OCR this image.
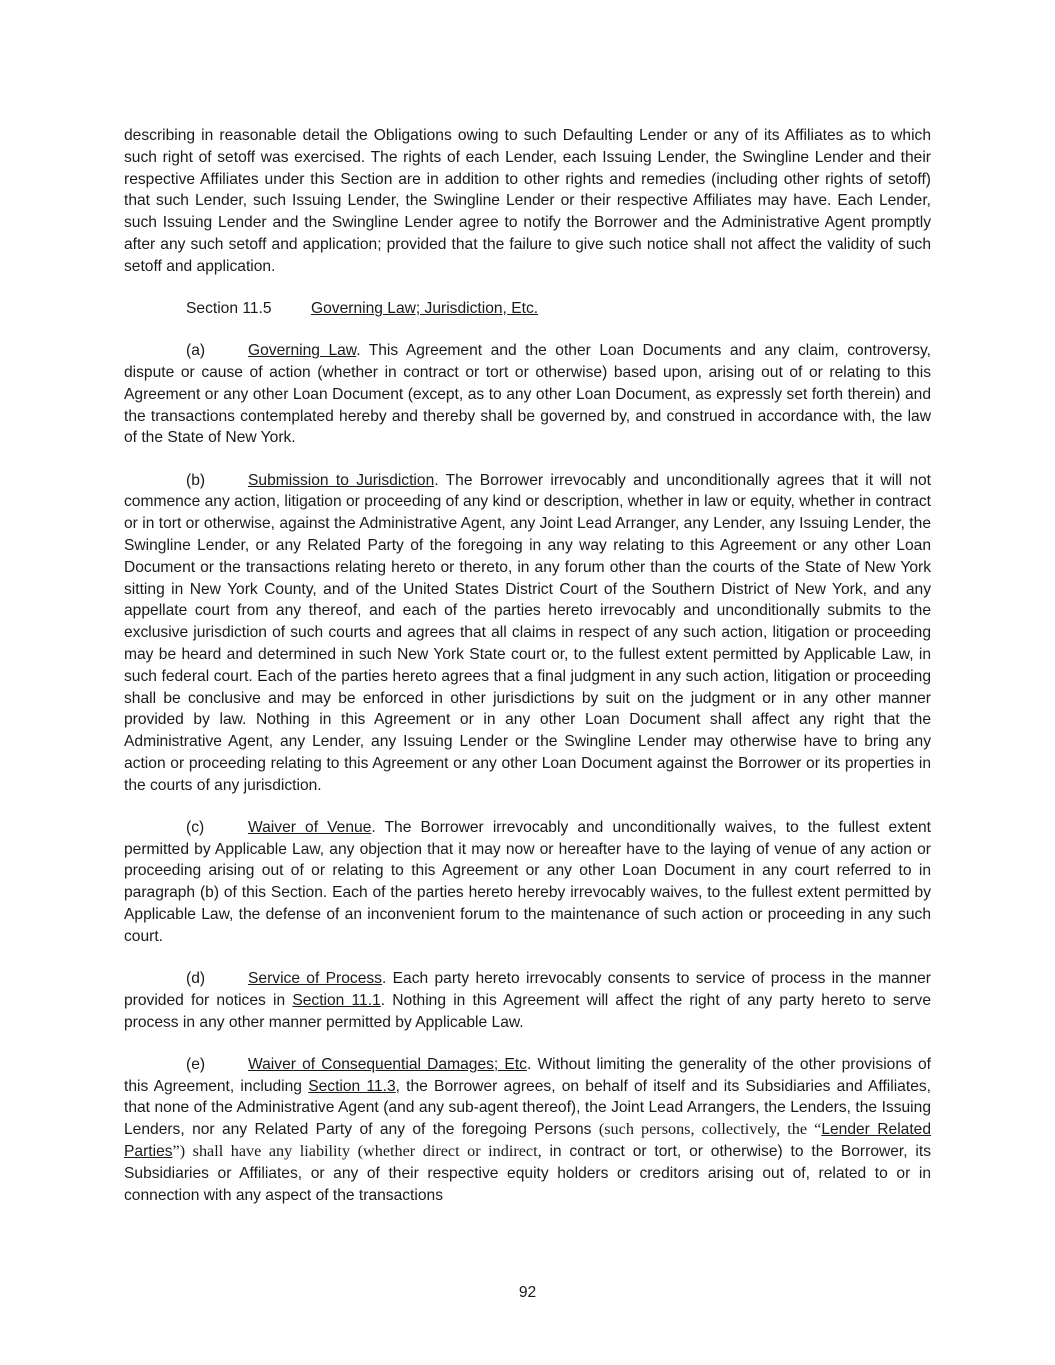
describing in reasonable detail the Obligations owing to such Defaulting Lender or any of its Affiliates as to which such right of setoff was exercised. The rights of each Lender, each Issuing Lender, the Swingline Lender and their respective Affiliates under this Section are in addition to other rights and remedies (including other rights of setoff) that such Lender, such Issuing Lender, the Swingline Lender or their respective Affiliates may have. Each Lender, such Issuing Lender and the Swingline Lender agree to notify the Borrower and the Administrative Agent promptly after any such setoff and application; provided that the failure to give such notice shall not affect the validity of such setoff and application.

Section 11.5	Governing Law; Jurisdiction, Etc.

(a)	Governing Law. This Agreement and the other Loan Documents and any claim, controversy, dispute or cause of action (whether in contract or tort or otherwise) based upon, arising out of or relating to this Agreement or any other Loan Document (except, as to any other Loan Document, as expressly set forth therein) and the transactions contemplated hereby and thereby shall be governed by, and construed in accordance with, the law of the State of New York.

(b)	Submission to Jurisdiction. The Borrower irrevocably and unconditionally agrees that it will not commence any action, litigation or proceeding of any kind or description, whether in law or equity, whether in contract or in tort or otherwise, against the Administrative Agent, any Joint Lead Arranger, any Lender, any Issuing Lender, the Swingline Lender, or any Related Party of the foregoing in any way relating to this Agreement or any other Loan Document or the transactions relating hereto or thereto, in any forum other than the courts of the State of New York sitting in New York County, and of the United States District Court of the Southern District of New York, and any appellate court from any thereof, and each of the parties hereto irrevocably and unconditionally submits to the exclusive jurisdiction of such courts and agrees that all claims in respect of any such action, litigation or proceeding may be heard and determined in such New York State court or, to the fullest extent permitted by Applicable Law, in such federal court. Each of the parties hereto agrees that a final judgment in any such action, litigation or proceeding shall be conclusive and may be enforced in other jurisdictions by suit on the judgment or in any other manner provided by law. Nothing in this Agreement or in any other Loan Document shall affect any right that the Administrative Agent, any Lender, any Issuing Lender or the Swingline Lender may otherwise have to bring any action or proceeding relating to this Agreement or any other Loan Document against the Borrower or its properties in the courts of any jurisdiction.

(c)	Waiver of Venue. The Borrower irrevocably and unconditionally waives, to the fullest extent permitted by Applicable Law, any objection that it may now or hereafter have to the laying of venue of any action or proceeding arising out of or relating to this Agreement or any other Loan Document in any court referred to in paragraph (b) of this Section. Each of the parties hereto hereby irrevocably waives, to the fullest extent permitted by Applicable Law, the defense of an inconvenient forum to the maintenance of such action or proceeding in any such court.

(d)	Service of Process. Each party hereto irrevocably consents to service of process in the manner provided for notices in Section 11.1. Nothing in this Agreement will affect the right of any party hereto to serve process in any other manner permitted by Applicable Law.

(e)	Waiver of Consequential Damages; Etc. Without limiting the generality of the other provisions of this Agreement, including Section 11.3, the Borrower agrees, on behalf of itself and its Subsidiaries and Affiliates, that none of the Administrative Agent (and any sub-agent thereof), the Joint Lead Arrangers, the Lenders, the Issuing Lenders, nor any Related Party of any of the foregoing Persons (such persons, collectively, the “Lender Related Parties”) shall have any liability (whether direct or indirect, in contract or tort, or otherwise) to the Borrower, its Subsidiaries or Affiliates, or any of their respective equity holders or creditors arising out of, related to or in connection with any aspect of the transactions

92
